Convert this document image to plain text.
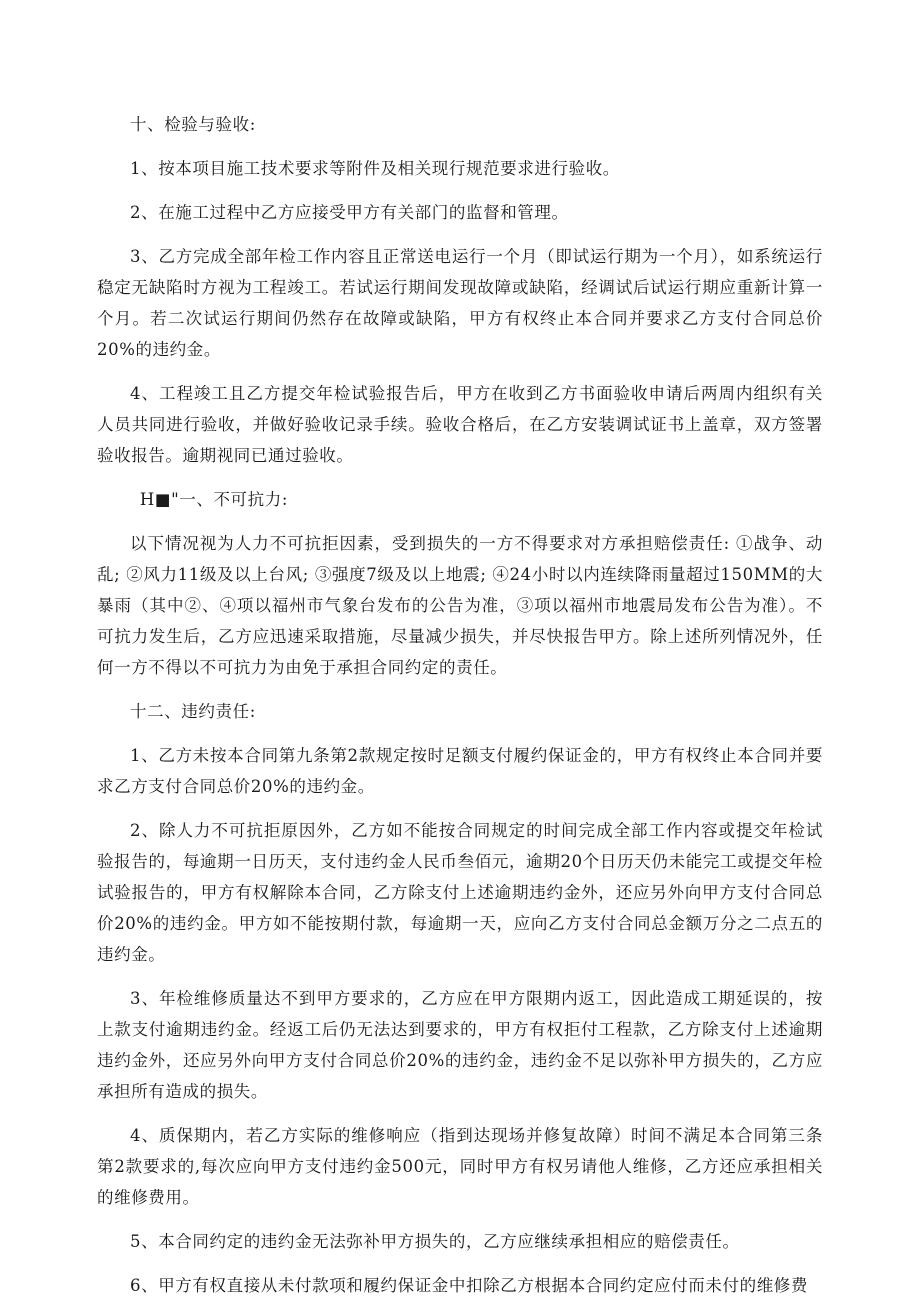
十、检验与验收:

1、按本项目施工技术要求等附件及相关现行规范要求进行验收。

2、在施工过程中乙方应接受甲方有关部门的监督和管理。

3、乙方完成全部年检工作内容且正常送电运行一个月（即试运行期为一个月），如系统运行稳定无缺陷时方视为工程竣工。若试运行期间发现故障或缺陷，经调试后试运行期应重新计算一个月。若二次试运行期间仍然存在故障或缺陷，甲方有权终止本合同并要求乙方支付合同总价20%的违约金。

4、工程竣工且乙方提交年检试验报告后，甲方在收到乙方书面验收申请后两周内组织有关人员共同进行验收，并做好验收记录手续。验收合格后，在乙方安装调试证书上盖章，双方签署验收报告。逾期视同已通过验收。

H■"一、不可抗力:

以下情况视为人力不可抗拒因素，受到损失的一方不得要求对方承担赔偿责任: ①战争、动乱; ②风力11级及以上台风; ③强度7级及以上地震; ④24小时以内连续降雨量超过150MM的大暴雨（其中②、④项以福州市气象台发布的公告为准，③项以福州市地震局发布公告为准）。不可抗力发生后，乙方应迅速采取措施，尽量减少损失，并尽快报告甲方。除上述所列情况外，任何一方不得以不可抗力为由免于承担合同约定的责任。

十二、违约责任:

1、乙方未按本合同第九条第2款规定按时足额支付履约保证金的，甲方有权终止本合同并要求乙方支付合同总价20%的违约金。

2、除人力不可抗拒原因外，乙方如不能按合同规定的时间完成全部工作内容或提交年检试验报告的，每逾期一日历天，支付违约金人民币叁佰元，逾期20个日历天仍未能完工或提交年检试验报告的，甲方有权解除本合同，乙方除支付上述逾期违约金外，还应另外向甲方支付合同总价20%的违约金。甲方如不能按期付款，每逾期一天，应向乙方支付合同总金额万分之二点五的违约金。

3、年检维修质量达不到甲方要求的，乙方应在甲方限期内返工，因此造成工期延误的，按上款支付逾期违约金。经返工后仍无法达到要求的，甲方有权拒付工程款，乙方除支付上述逾期违约金外，还应另外向甲方支付合同总价20%的违约金，违约金不足以弥补甲方损失的，乙方应承担所有造成的损失。

4、质保期内，若乙方实际的维修响应（指到达现场并修复故障）时间不满足本合同第三条第2款要求的,每次应向甲方支付违约金500元，同时甲方有权另请他人维修，乙方还应承担相关的维修费用。

5、本合同约定的违约金无法弥补甲方损失的，乙方应继续承担相应的赔偿责任。

6、甲方有权直接从未付款项和履约保证金中扣除乙方根据本合同约定应付而未付的维修费
